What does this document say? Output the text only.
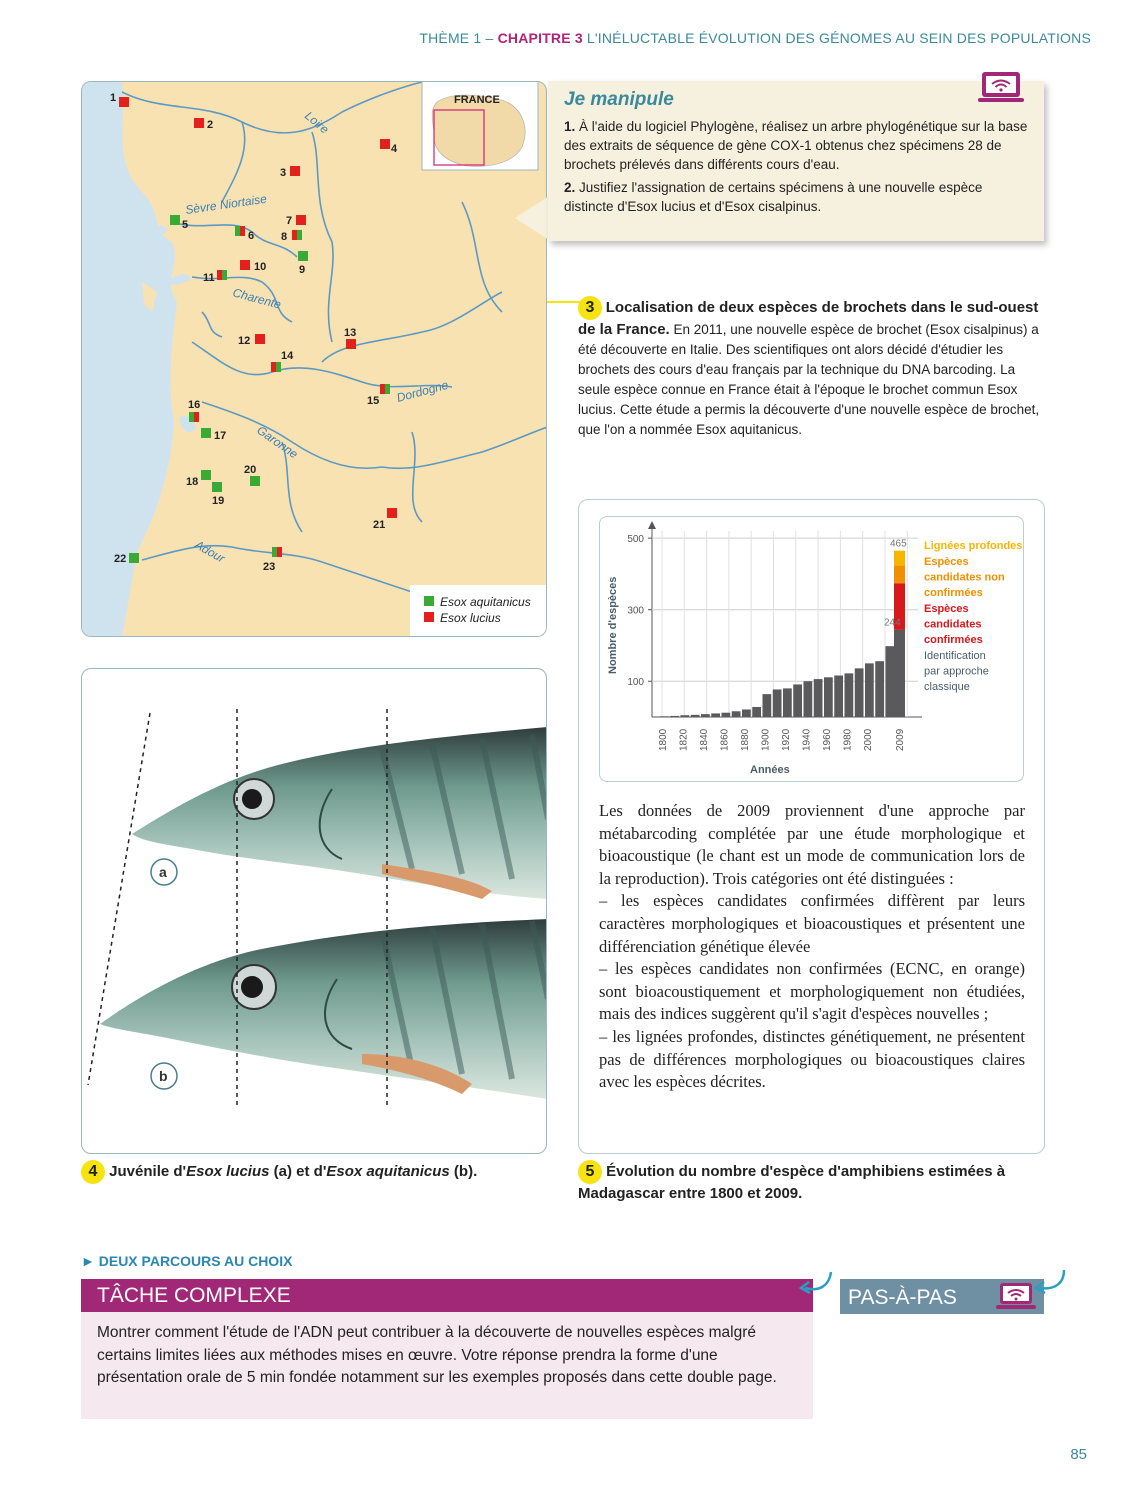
THÈME 1 – CHAPITRE 3 L'INÉLUCTABLE ÉVOLUTION DES GÉNOMES AU SEIN DES POPULATIONS
Loire
Sèvre Niortaise
Charente
Dordogne
Garonne
Adour
FRANCE
1
2
3
4
5
6
7
8
9
10
11
12
13
14
15
16
17
18
19
20
21
22
23
Esox aquitanicus
Esox lucius
Je manipule

1. À l'aide du logiciel Phylogène, réalisez un arbre phylogénétique sur la base des extraits de séquence de gène COX-1 obtenus chez spécimens 28 de brochets prélevés dans différents cours d'eau.

2. Justifiez l'assignation de certains spécimens à une nouvelle espèce distincte d'Esox lucius et d'Esox cisalpinus.

3 Localisation de deux espèces de brochets dans le sud-ouest de la France. En 2011, une nouvelle espèce de brochet (Esox cisalpinus) a été découverte en Italie. Des scientifiques ont alors décidé d'étudier les brochets des cours d'eau français par la technique du DNA barcoding. La seule espèce connue en France était à l'époque le brochet commun Esox lucius. Cette étude a permis la découverte d'une nouvelle espèce de brochet, que l'on a nommée Esox aquitanicus.
a
b
4 Juvénile d'Esox lucius (a) et d'Esox aquitanicus (b).
100
300
500
244
465
1800 1820 1840 1860 1880 1900 1920 1940 1960 1980 2000 2009
Nombre d'espèces
Années
Lignées profondes
Espèces candidates non confirmées
Espèces candidates confirmées
Identification par approche classique
Les données de 2009 proviennent d'une approche par métabarcoding complétée par une étude morphologique et bioacoustique (le chant est un mode de communication lors de la reproduction). Trois catégories ont été distinguées :
– les espèces candidates confirmées diffèrent par leurs caractères morphologiques et bioacoustiques et présentent une différenciation génétique élevée
– les espèces candidates non confirmées (ECNC, en orange) sont bioacoustiquement et morphologiquement non étudiées, mais des indices suggèrent qu'il s'agit d'espèces nouvelles ;
– les lignées profondes, distinctes génétiquement, ne présentent pas de différences morphologiques ou bioacoustiques claires avec les espèces décrites.
5 Évolution du nombre d'espèce d'amphibiens estimées à Madagascar entre 1800 et 2009.
► DEUX PARCOURS AU CHOIX
TÂCHE COMPLEXE
Montrer comment l'étude de l'ADN peut contribuer à la découverte de nouvelles espèces malgré certains limites liées aux méthodes mises en œuvre. Votre réponse prendra la forme d'une présentation orale de 5 min fondée notamment sur les exemples proposés dans cette double page.
PAS-À-PAS
85
